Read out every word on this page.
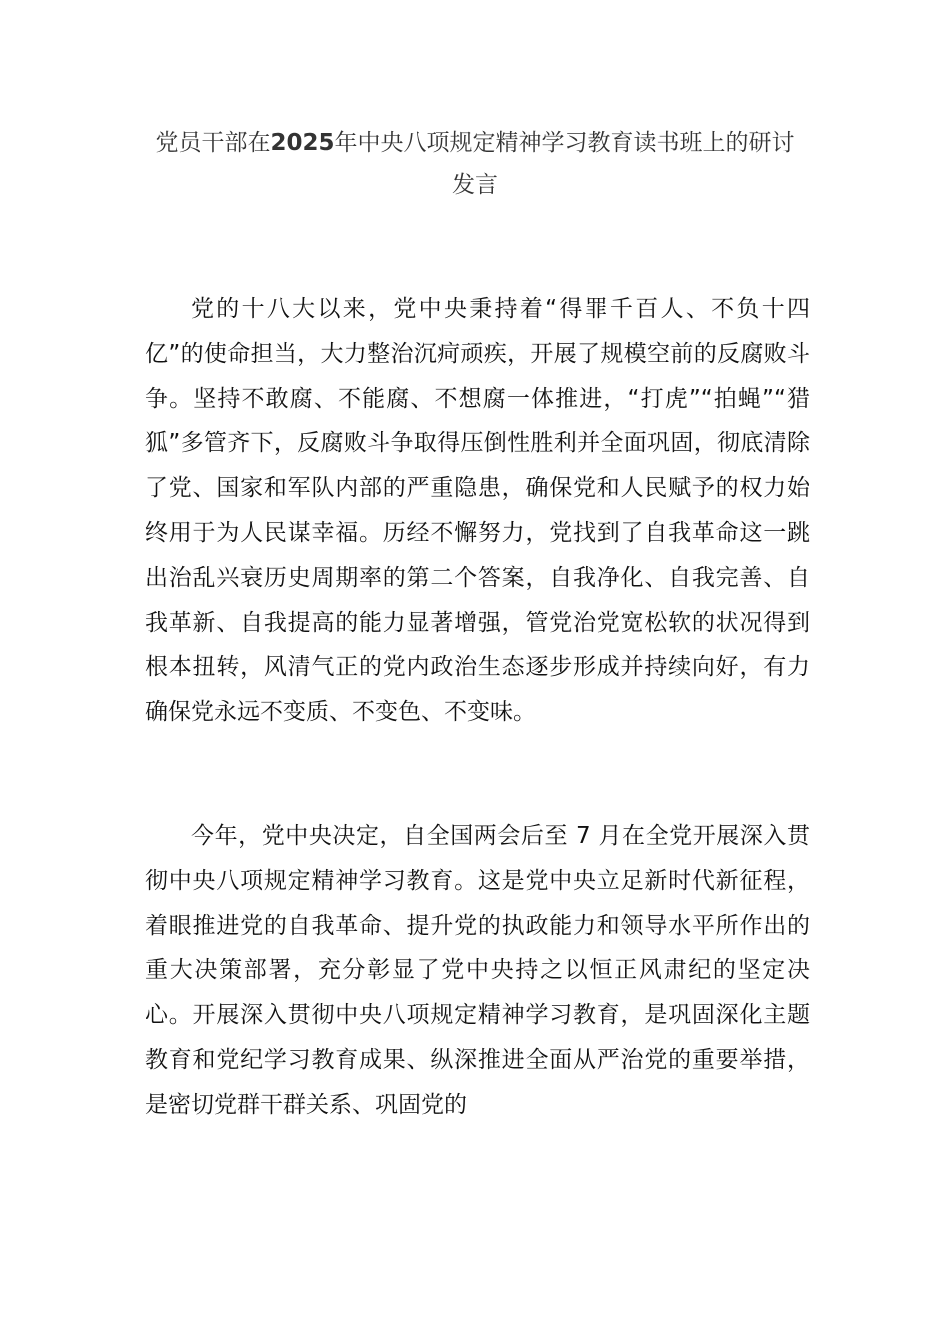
党员干部在2025年中央八项规定精神学习教育读书班上的研讨发言

党的十八大以来，党中央秉持着“得罪千百人、不负十四亿”的使命担当，大力整治沉疴顽疾，开展了规模空前的反腐败斗争。坚持不敢腐、不能腐、不想腐一体推进，“打虎”“拍蝇”“猎狐”多管齐下，反腐败斗争取得压倒性胜利并全面巩固，彻底清除了党、国家和军队内部的严重隐患，确保党和人民赋予的权力始终用于为人民谋幸福。历经不懈努力，党找到了自我革命这一跳出治乱兴衰历史周期率的第二个答案，自我净化、自我完善、自我革新、自我提高的能力显著增强，管党治党宽松软的状况得到根本扭转，风清气正的党内政治生态逐步形成并持续向好，有力确保党永远不变质、不变色、不变味。

今年，党中央决定，自全国两会后至 7 月在全党开展深入贯彻中央八项规定精神学习教育。这是党中央立足新时代新征程，着眼推进党的自我革命、提升党的执政能力和领导水平所作出的重大决策部署，充分彰显了党中央持之以恒正风肃纪的坚定决心。开展深入贯彻中央八项规定精神学习教育，是巩固深化主题教育和党纪学习教育成果、纵深推进全面从严治党的重要举措，是密切党群干群关系、巩固党的
